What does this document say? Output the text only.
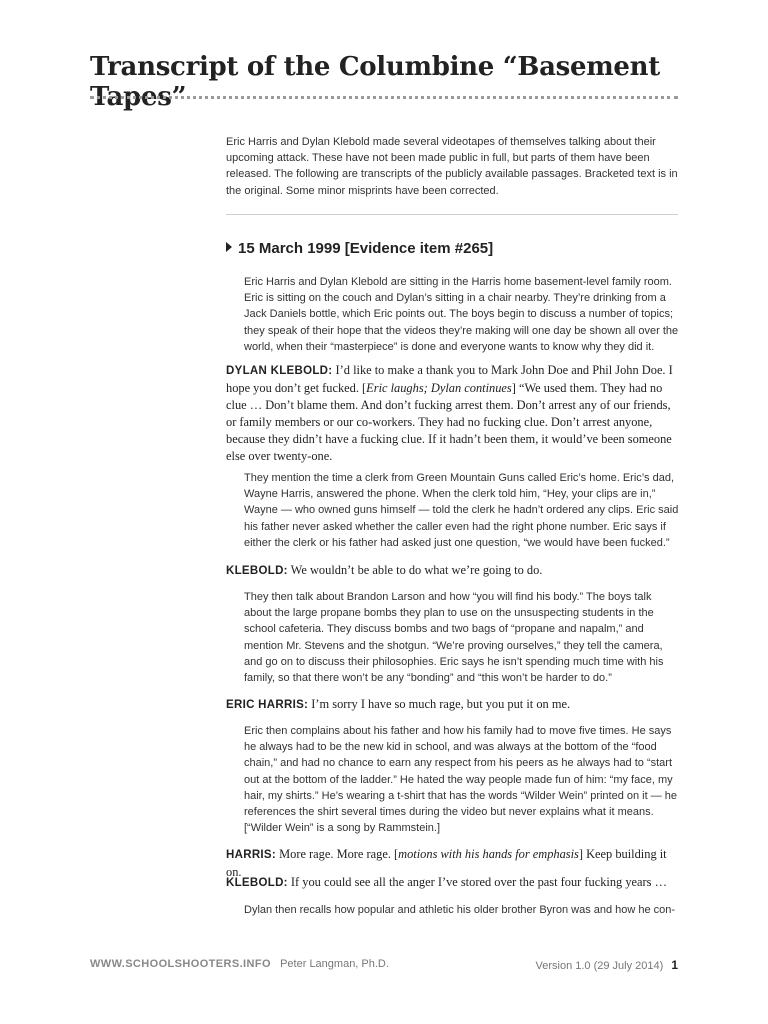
Transcript of the Columbine “Basement Tapes”
Eric Harris and Dylan Klebold made several videotapes of themselves talking about their upcoming attack. These have not been made public in full, but parts of them have been released. The following are transcripts of the publicly available passages. Bracketed text is in the original. Some minor misprints have been corrected.
15 March 1999 [Evidence item #265]
Eric Harris and Dylan Klebold are sitting in the Harris home basement-level family room. Eric is sitting on the couch and Dylan’s sitting in a chair nearby. They’re drinking from a Jack Daniels bottle, which Eric points out. The boys begin to discuss a number of topics; they speak of their hope that the videos they’re making will one day be shown all over the world, when their “masterpiece” is done and everyone wants to know why they did it.
DYLAN KLEBOLD: I’d like to make a thank you to Mark John Doe and Phil John Doe. I hope you don’t get fucked. [Eric laughs; Dylan continues] “We used them. They had no clue … Don’t blame them. And don’t fucking arrest them. Don’t arrest any of our friends, or family members or our co-workers. They had no fucking clue. Don’t arrest anyone, because they didn’t have a fucking clue. If it hadn’t been them, it would’ve been someone else over twenty-one.
They mention the time a clerk from Green Mountain Guns called Eric’s home. Eric’s dad, Wayne Harris, answered the phone. When the clerk told him, “Hey, your clips are in,” Wayne — who owned guns himself — told the clerk he hadn’t ordered any clips. Eric said his father never asked whether the caller even had the right phone number. Eric says if either the clerk or his father had asked just one question, “we would have been fucked.”
KLEBOLD: We wouldn’t be able to do what we’re going to do.
They then talk about Brandon Larson and how “you will find his body.” The boys talk about the large propane bombs they plan to use on the unsuspecting students in the school cafeteria. They discuss bombs and two bags of “propane and napalm,” and mention Mr. Stevens and the shotgun. “We’re proving ourselves,” they tell the camera, and go on to discuss their philosophies. Eric says he isn’t spending much time with his family, so that there won’t be any “bonding” and “this won’t be harder to do.”
ERIC HARRIS: I’m sorry I have so much rage, but you put it on me.
Eric then complains about his father and how his family had to move five times. He says he always had to be the new kid in school, and was always at the bottom of the “food chain,” and had no chance to earn any respect from his peers as he always had to “start out at the bottom of the ladder.” He hated the way people made fun of him: “my face, my hair, my shirts.” He’s wearing a t-shirt that has the words “Wilder Wein” printed on it — he references the shirt several times during the video but never explains what it means. [“Wilder Wein” is a song by Rammstein.]
HARRIS: More rage. More rage. [motions with his hands for emphasis] Keep building it on.
KLEBOLD: If you could see all the anger I’ve stored over the past four fucking years …
Dylan then recalls how popular and athletic his older brother Byron was and how he con-
WWW.SCHOOLSHOOTERS.INFO Peter Langman, Ph.D.	Version 1.0 (29 July 2014) 1
